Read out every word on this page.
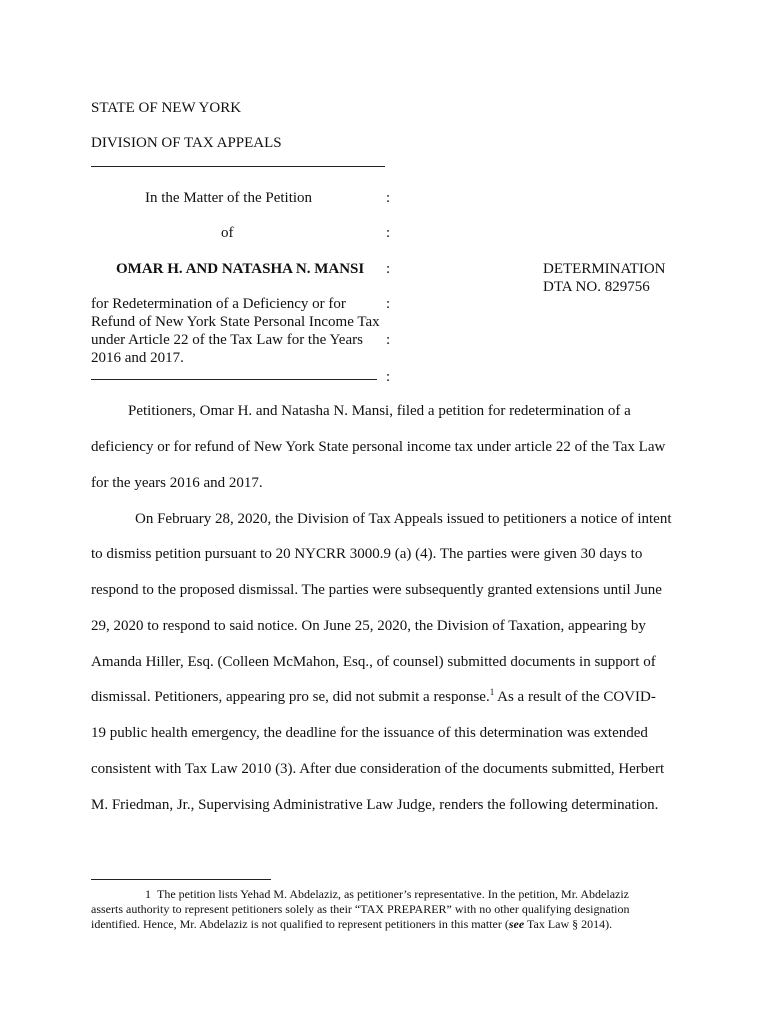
STATE OF NEW YORK
DIVISION OF TAX APPEALS
In the Matter of the Petition	:
of	:
OMAR H. AND NATASHA N. MANSI :	DETERMINATION
DTA NO. 829756
for Redetermination of a Deficiency or for	:
Refund of New York State Personal Income Tax
under Article 22 of the Tax Law for the Years :
2016 and 2017.
:
Petitioners, Omar H. and Natasha N. Mansi, filed a petition for redetermination of a
deficiency or for refund of New York State personal income tax under article 22 of the Tax Law
for the years 2016 and 2017.
On February 28, 2020, the Division of Tax Appeals issued to petitioners a notice of intent
to dismiss petition pursuant to 20 NYCRR 3000.9 (a) (4). The parties were given 30 days to
respond to the proposed dismissal. The parties were subsequently granted extensions until June
29, 2020 to respond to said notice. On June 25, 2020, the Division of Taxation, appearing by
Amanda Hiller, Esq. (Colleen McMahon, Esq., of counsel) submitted documents in support of
dismissal. Petitioners, appearing pro se, did not submit a response.$^1$ As a result of the COVID-
19 public health emergency, the deadline for the issuance of this determination was extended
consistent with Tax Law 2010 (3). After due consideration of the documents submitted, Herbert
M. Friedman, Jr., Supervising Administrative Law Judge, renders the following determination.
1 The petition lists Yehad M. Abdelaziz, as petitioner’s representative. In the petition, Mr. Abdelaziz
asserts authority to represent petitioners solely as their “TAX PREPARER” with no other qualifying designation
identified. Hence, Mr. Abdelaziz is not qualified to represent petitioners in this matter (see Tax Law § 2014).
